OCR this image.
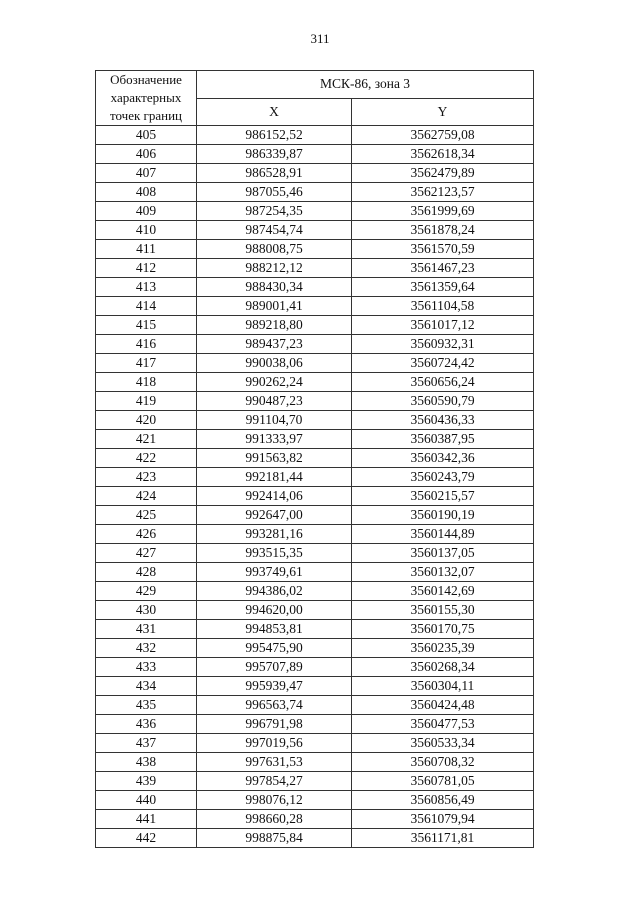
311
Обозначение
характерных
точек границ	МСК-86, зона 3	
	X	Y
405	986152,52	3562759,08
406	986339,87	3562618,34
407	986528,91	3562479,89
408	987055,46	3562123,57
409	987254,35	3561999,69
410	987454,74	3561878,24
411	988008,75	3561570,59
412	988212,12	3561467,23
413	988430,34	3561359,64
414	989001,41	3561104,58
415	989218,80	3561017,12
416	989437,23	3560932,31
417	990038,06	3560724,42
418	990262,24	3560656,24
419	990487,23	3560590,79
420	991104,70	3560436,33
421	991333,97	3560387,95
422	991563,82	3560342,36
423	992181,44	3560243,79
424	992414,06	3560215,57
425	992647,00	3560190,19
426	993281,16	3560144,89
427	993515,35	3560137,05
428	993749,61	3560132,07
429	994386,02	3560142,69
430	994620,00	3560155,30
431	994853,81	3560170,75
432	995475,90	3560235,39
433	995707,89	3560268,34
434	995939,47	3560304,11
435	996563,74	3560424,48
436	996791,98	3560477,53
437	997019,56	3560533,34
438	997631,53	3560708,32
439	997854,27	3560781,05
440	998076,12	3560856,49
441	998660,28	3561079,94
442	998875,84	3561171,81
